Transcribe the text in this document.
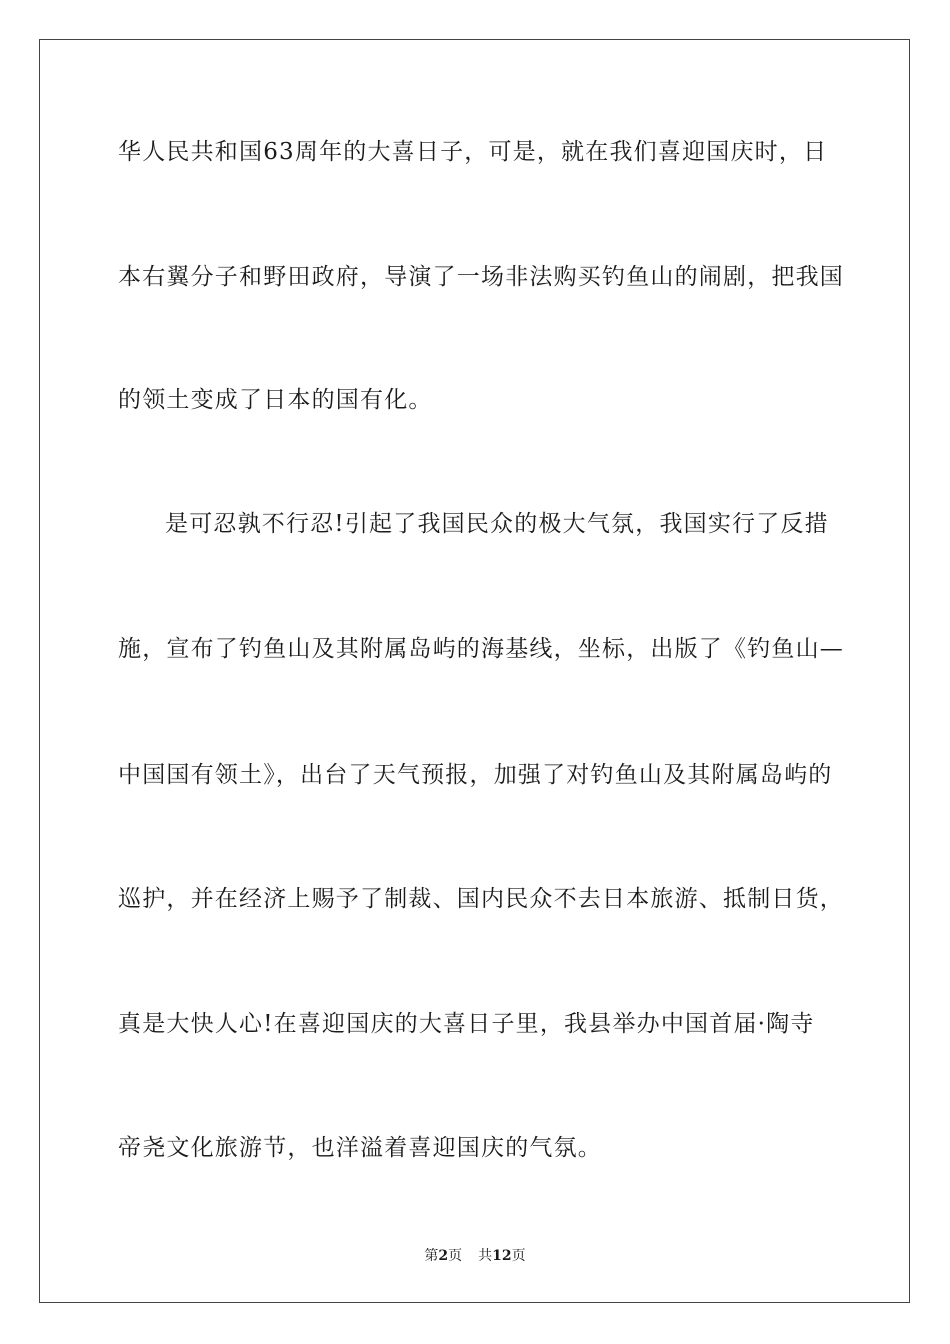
华人民共和国63周年的大喜日子，可是，就在我们喜迎国庆时，日
本右翼分子和野田政府，导演了一场非法购买钓鱼山的闹剧，把我国
的领土变成了日本的国有化。
是可忍孰不行忍!引起了我国民众的极大气氛，我国实行了反措
施，宣布了钓鱼山及其附属岛屿的海基线，坐标，出版了《钓鱼山—
中国国有领土》，出台了天气预报，加强了对钓鱼山及其附属岛屿的
巡护，并在经济上赐予了制裁、国内民众不去日本旅游、抵制日货，
真是大快人心!在喜迎国庆的大喜日子里，我县举办中国首届·陶寺
帝尧文化旅游节，也洋溢着喜迎国庆的气氛。
第2页 共12页
